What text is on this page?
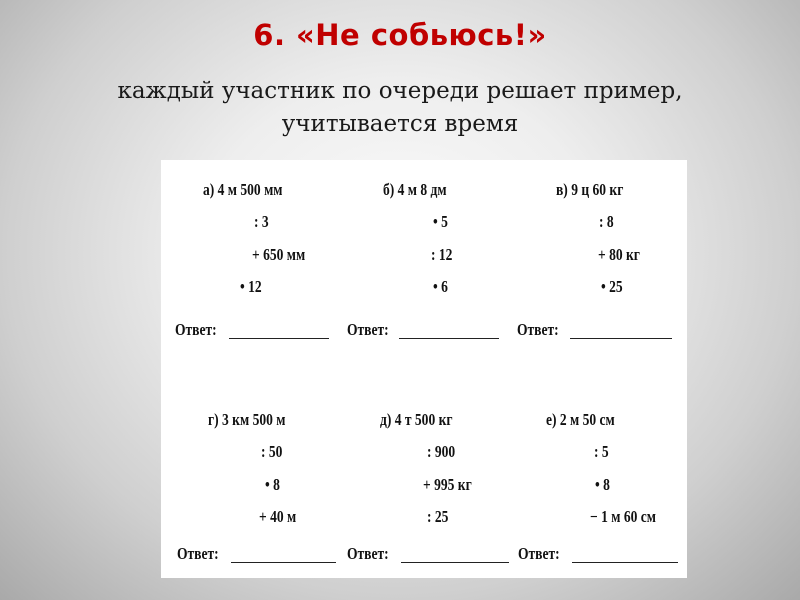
6. «Не собьюсь!»
каждый участник по очереди решает пример,
учитывается время
а) 4 м 500 мм
: 3
+ 650 мм
• 12
Ответ:
б) 4 м 8 дм
• 5
: 12
• 6
Ответ:
в) 9 ц 60 кг
: 8
+ 80 кг
• 25
Ответ:
г) 3 км 500 м
: 50
• 8
+ 40 м
Ответ:
д) 4 т 500 кг
: 900
+ 995 кг
: 25
Ответ:
е) 2 м 50 см
: 5
• 8
− 1 м 60 см
Ответ:
